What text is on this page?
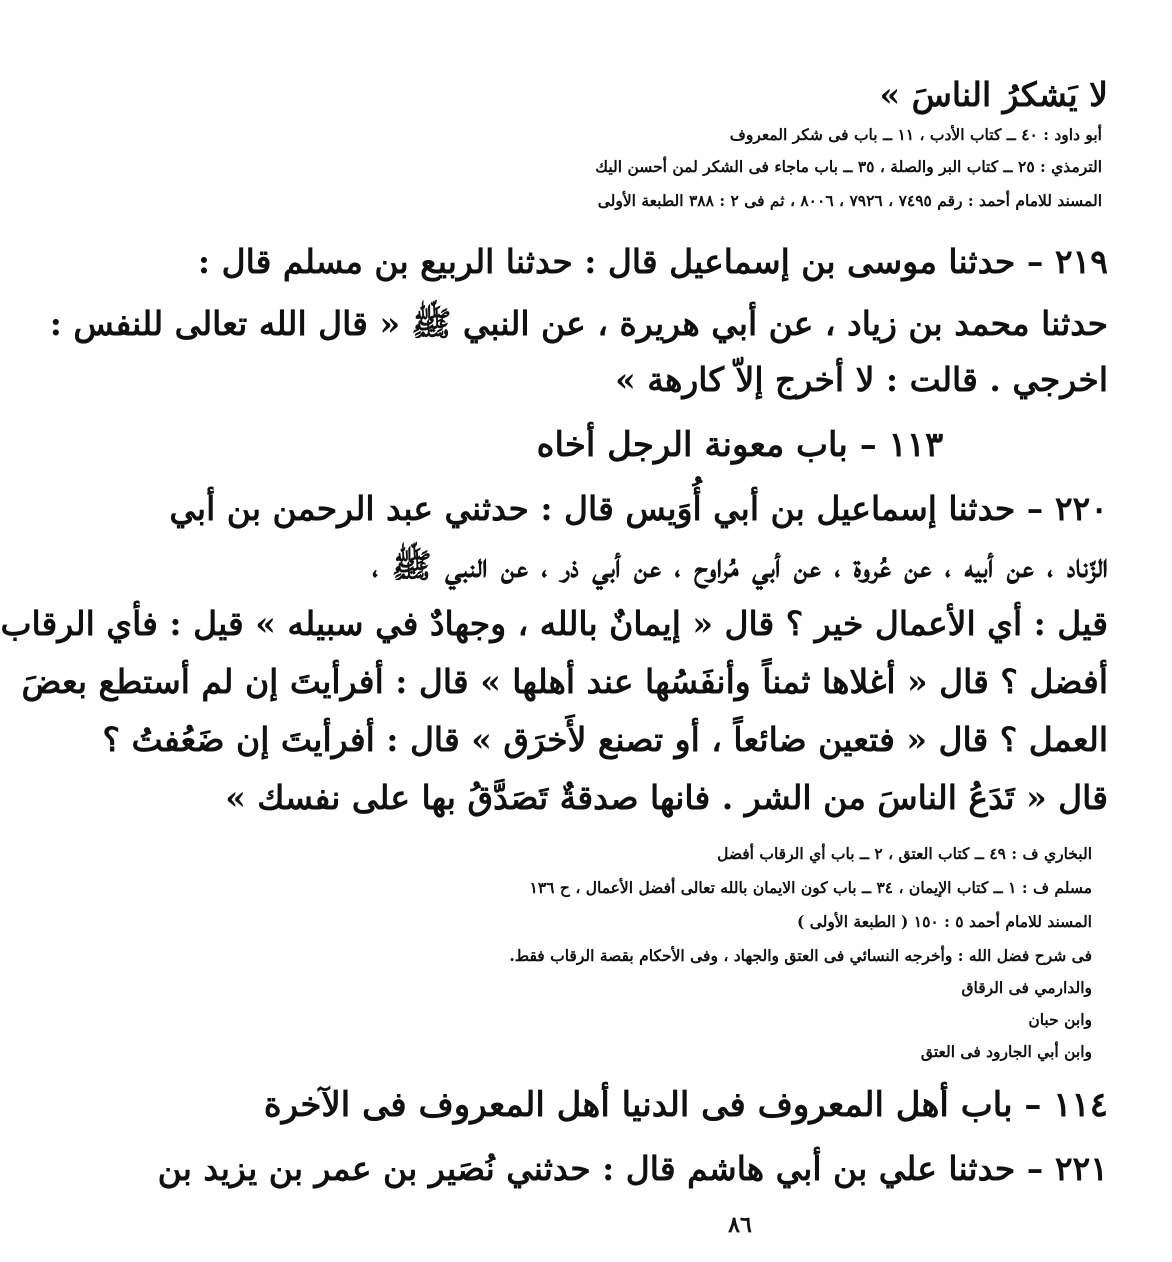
لا يَشكرُ الناسَ »
أبو داود : ٤٠ ــ كتاب الأدب ، ١١ ــ باب فى شكر المعروف
الترمذي : ٢٥ ــ كتاب البر والصلة ، ٣٥ ــ باب ماجاء فى الشكر لمن أحسن اليك
المسند للامام أحمد : رقم ٧٤٩٥ ، ٧٩٢٦ ، ٨٠٠٦ ، ثم فى ٢ : ٣٨٨ الطبعة الأولى
٢١٩ – حدثنا موسى بن إسماعيل قال : حدثنا الربيع بن مسلم قال :
حدثنا محمد بن زياد ، عن أبي هريرة ، عن النبي ﷺ « قال الله تعالى للنفس :
اخرجي . قالت : لا أخرج إلاّ كارهة »
١١٣ – باب معونة الرجل أخاه
٢٢٠ – حدثنا إسماعيل بن أبي أُوَيس قال : حدثني عبد الرحمن بن أبي
الزّناد ، عن أبيه ، عن عُروة ، عن أبي مُراوح ، عن أبي ذر ، عن النبي ﷺ ،
قيل : أي الأعمال خير ؟ قال « إيمانٌ بالله ، وجهادٌ في سبيله » قيل : فأي الرقاب
أفضل ؟ قال « أغلاها ثمناً وأنفَسُها عند أهلها » قال : أفرأيتَ إن لم أستطع بعضَ
العمل ؟ قال « فتعين ضائعاً ، أو تصنع لأَخرَق » قال : أفرأيتَ إن ضَعُفتُ ؟
قال « تَدَعُ الناسَ من الشر . فانها صدقةٌ تَصَدَّقُ بها على نفسك »
البخاري ف : ٤٩ ــ كتاب العتق ، ٢ ــ باب أي الرقاب أفضل
مسلم ف : ١ ــ كتاب الإيمان ، ٣٤ ــ باب كون الايمان بالله تعالى أفضل الأعمال ، ح ١٣٦
المسند للامام أحمد ٥ : ١٥٠ ( الطبعة الأولى )
فى شرح فضل الله : وأخرجه النسائي فى العتق والجهاد ، وفى الأحكام بقصة الرقاب فقط.
والدارمي فى الرقاق
وابن حبان
وابن أبي الجارود فى العتق
١١٤ – باب أهل المعروف فى الدنيا أهل المعروف فى الآخرة
٢٢١ – حدثنا علي بن أبي هاشم قال : حدثني نُصَير بن عمر بن يزيد بن
٨٦
